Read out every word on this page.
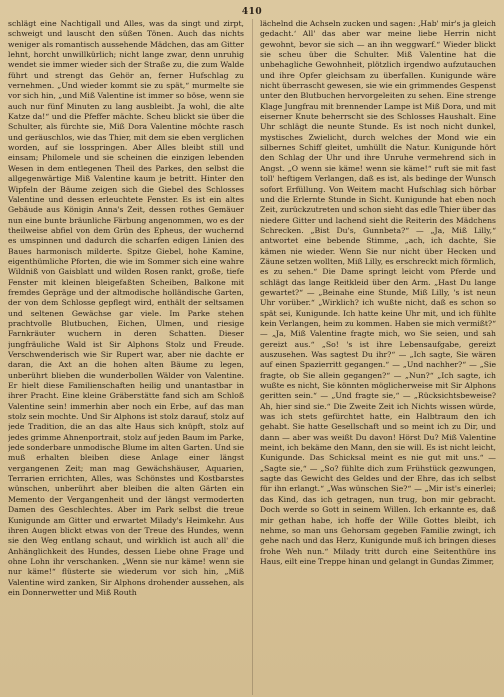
410

schlägt eine Nachtigall und Alles, was da singt und zirpt, schweigt und lauscht den süßen Tönen. Auch das nichts weniger als romantisch aussehende Mädchen, das am Gitter lehnt, horcht unwillkürlich; nicht lange zwar, denn unruhig wendet sie immer wieder sich der Straße zu, die zum Walde führt und strengt das Gehör an, ferner Hufschlag zu vernehmen. „Und wieder kommt sie zu spät,“ murmelte sie vor sich hin, „und Miß Valentine ist immer so böse, wenn sie auch nur fünf Minuten zu lang ausbleibt. Ja wohl, die alte Katze da!“ und die Pfeffer mächte. Scheu blickt sie über die Schulter, als fürchte sie, Miß Dora Valentine möchte rasch und geräuschlos, wie das Thier, mit dem sie eben verglichen worden, auf sie losspringen. Aber Alles bleibt still und einsam; Philomele und sie scheinen die einzigen lebenden Wesen in dem entlegenen Theil des Parkes, den selbst die allgegenwärtige Miß Valentine kaum je betritt. Hinter den Wipfeln der Bäume zeigen sich die Giebel des Schlosses Valentine und dessen erleuchtete Fenster. Es ist ein altes Gebäude aus Königin Anna's Zeit, dessen rothes Gemäuer nun eine bunte bräunliche Färbung angenommen, wo es der theilweise abfiel von dem Grün des Epheus, der wuchernd es umspinnen und dadurch die scharfen edigen Linien des Baues harmonisch milderte. Spitze Giebel, hohe Kamine, eigenthümliche Pforten, die wie im Sommer sich eine wahre Wildniß von Gaisblatt und wilden Rosen rankt, große, tiefe Fenster mit kleinen bleigefaßten Scheiben, Balkone mit fremdes Gepräge und der altmodische holländische Garten, der von dem Schlosse gepflegt wird, enthält der seltsamen und seltenen Gewächse gar viele. Im Parke stehen prachtvolle Blutbuchen, Eichen, Ulmen, und riesige Farnkräuter wuchern in deren Schatten. Dieser jungfräuliche Wald ist Sir Alphons Stolz und Freude. Verschwenderisch wie Sir Rupert war, aber nie dachte er daran, die Axt an die hohen alten Bäume zu legen, unberührt blieben die wunderbollen Wälder von Valentine. Er hielt diese Familienschaften heilig und unantastbar in ihrer Pracht. Eine kleine Gräberstätte fand sich am Schloß Valentine sein! immerhin aber noch ein Erbe, auf das man stolz sein mochte. Und Sir Alphons ist stolz darauf, stolz auf jede Tradition, die an das alte Haus sich knüpft, stolz auf jedes grimme Ahnenportrait, stolz auf jeden Baum im Parke, jede sonderbare unmodische Blume im alten Garten. Und sie muß erhalten bleiben diese Anlage einer längst vergangenen Zeit; man mag Gewächshäuser, Aquarien, Terrarien errichten, Alles, was Schönstes und Kostbarstes wünschen, unberührt aber bleiben die alten Gärten ein Memento der Vergangenheit und der längst vermoderten Damen des Geschlechtes. Aber im Park selbst die treue Kunigunde am Gitter und erwartet Milady's Heimkehr. Aus ihren Augen blickt etwas von der Treue des Hundes, wenn sie den Weg entlang schaut, und wirklich ist auch all' die Anhänglichkeit des Hundes, dessen Liebe ohne Frage und ohne Lohn ihr verschanken. „Wenn sie nur käme! wenn sie nur käme!“ flüsterte sie wiederum vor sich hin, „Miß Valentine wird zanken, Sir Alphons drohender aussehen, als ein Donnerwetter und Miß Routh

lächelnd die Achseln zucken und sagen: ‚Hab' mir's ja gleich gedacht.‘ All' das aber war meine liebe Herrin nicht gewohnt, bevor sie sich — an ihn weggwarf.“ Wieder blickt sie scheu über die Schulter. Miß Valentine hat die unbehagliche Gewohnheit, plötzlich irgendwo aufzutauchen und ihre Opfer gleichsam zu überfallen. Kunigunde wäre nicht überrascht gewesen, sie wie ein grimmendes Gespenst unter den Blutbuchen hervorgeleiten zu sehen. Eine strenge Klage Jungfrau mit brennender Lampe ist Miß Dora, und mit eiserner Knute beherrscht sie des Schlosses Haushalt. Eine Uhr schlägt die neunte Stunde. Es ist noch nicht dunkel, mystisches Zwielicht, durch welches der Mond wie ein silbernes Schiff gleitet, umhüllt die Natur. Kunigunde hört den Schlag der Uhr und ihre Unruhe vermehrend sich in Angst. „O wenn sie käme! wenn sie käme!“ ruft sie mit fast toll' heftigem Verlangen, daß es ist, als bedinge der Wunsch sofort Erfüllung. Von Weitem macht Hufschlag sich hörbar und die Erlernte Stunde in Sicht. Kunigunde hat eben noch Zeit, zurückzutreten und schon sieht das edle Thier über das niedere Gitter und lachend sieht die Reiterin des Mädchens Schrecken. „Bist Du's, Gunnbeta?“ — „Ja, Miß Lilly,“ antwortet eine bebende Stimme, „ach, ich dachte, Sie kämen nie wieder. Wenn Sie nur nicht über Hecken und Zäune setzen wollten, Miß Lilly, es erschreckt mich förmlich, es zu sehen.“ Die Dame springt leicht vom Pferde und schlägt das lange Reitkleid über den Arm. „Hast Du lange gewartet?“ — „Beinahe eine Stunde, Miß Lilly, 's ist neun Uhr vorüber.“ „Wirklich? ich wußte nicht, daß es schon so spät sei, Kunigunde. Ich hatte keine Uhr mit, und ich fühlte kein Verlangen, heim zu kommen. Haben sie mich vermißt?“ — „Ja, Miß Valentine fragte mich, wo Sie seien, und sah gereizt aus.“ „So! 's ist ihre Lebensaufgabe, gereizt auszusehen. Was sagtest Du ihr?“ — „Ich sagte, Sie wären auf einen Spazierritt gegangen.“ — „Und nachher?“ — „Sie fragte, ob Sie allein gegangen?“ — „Nun?“ „Ich sagte, ich wußte es nicht, Sie könnten möglicherweise mit Sir Alphons geritten sein.“ — „Und fragte sie,“ — „Rücksichtsbeweise? Ah, hier sind sie.“ Die Zweite Zeit ich Nichts wissen würde, was ich stets gefürchtet hatte, ein Halbtraum den ich gehabt. Sie hatte Gesellschaft und so meint ich zu Dir, und dann — aber was weißt Du davon! Hörst Du? Miß Valentine meint, ich bekäme den Mann, den sie will. Es ist nicht leicht, Kunigunde. Das Schicksal meint es nie gut mit uns.“ — „Sagte sie,“ — „So? fühlte dich zum Frühstück gezwungen, sagte das Gewicht des Geldes und der Ehre, das ich selbst für ihn erlangt.“ „Was wünschen Sie?“ — „Mir ist's einerlei; das Kind, das ich getragen, nun trug, bon mir gebracht. Doch werde so Gott in seinem Willen. Ich erkannte es, daß mir gethan habe, ich hoffe der Wille Gottes bleibt, ich nehme, so man uns Gehorsam gegeben Familie zwingt, ich gehe nach und das Herz, Kunigunde muß ich bringen dieses frohe Weh nun.“ Milady tritt durch eine Seitenthüre ins Haus, eilt eine Treppe hinan und gelangt in Gundas Zimmer,
